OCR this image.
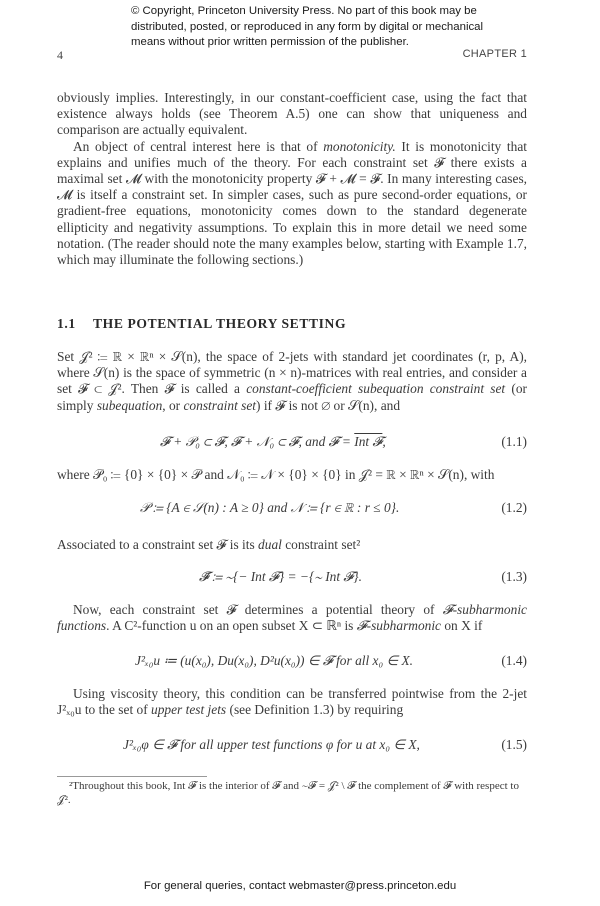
© Copyright, Princeton University Press. No part of this book may be
distributed, posted, or reproduced in any form by digital or mechanical
means without prior written permission of the publisher.
4	CHAPTER 1

obviously implies. Interestingly, in our constant-coefficient case, using the fact that existence always holds (see Theorem A.5) one can show that uniqueness and comparison are actually equivalent.

An object of central interest here is that of monotonicity. It is monotonicity that explains and unifies much of the theory. For each constraint set 𝓕 there exists a maximal set 𝓜 with the monotonicity property 𝓕 + 𝓜 = 𝓕. In many interesting cases, 𝓜 is itself a constraint set. In simpler cases, such as pure second-order equations, or gradient-free equations, monotonicity comes down to the standard degenerate ellipticity and negativity assumptions. To explain this in more detail we need some notation. (The reader should note the many examples below, starting with Example 1.7, which may illuminate the following sections.)

1.1 THE POTENTIAL THEORY SETTING

Set 𝒥² ≔ ℝ × ℝⁿ × 𝒮(n), the space of 2-jets with standard jet coordinates (r, p, A), where 𝒮(n) is the space of symmetric (n × n)-matrices with real entries, and consider a set 𝓕 ⊂ 𝒥². Then 𝓕 is called a constant-coefficient subequation constraint set (or simply subequation, or constraint set) if 𝓕 is not ∅ or 𝒮(n), and

𝓕 + 𝒫₀ ⊂ 𝓕, 𝓕 + 𝒩₀ ⊂ 𝓕, and 𝓕 = Int 𝓕,	(1.1)

where 𝒫₀ ≔ {0} × {0} × 𝒫 and 𝒩₀ ≔ 𝒩 × {0} × {0} in 𝒥² = ℝ × ℝⁿ × 𝒮(n), with

𝒫 ≔ {A ∈ 𝒮(n) : A ≥ 0} and 𝒩 ≔ {r ∈ ℝ : r ≤ 0}.	(1.2)

Associated to a constraint set 𝓕 is its dual constraint set²

𝓕̃ ≔ ∼{− Int 𝓕} = −{∼ Int 𝓕}.	(1.3)

Now, each constraint set 𝓕 determines a potential theory of 𝓕-subharmonic functions. A C²-function u on an open subset X ⊂ ℝⁿ is 𝓕-subharmonic on X if

J²ₓ₀u ≔ (u(x₀), Du(x₀), D²u(x₀)) ∈ 𝓕 for all x₀ ∈ X.	(1.4)

Using viscosity theory, this condition can be transferred pointwise from the 2-jet J²ₓ₀u to the set of upper test jets (see Definition 1.3) by requiring

J²ₓ₀φ ∈ 𝓕 for all upper test functions φ for u at x₀ ∈ X,	(1.5)

²Throughout this book, Int 𝓕 is the interior of 𝓕 and ∼𝓕 = 𝒥² \ 𝓕 the complement of 𝓕 with respect to 𝒥².

For general queries, contact webmaster@press.princeton.edu
